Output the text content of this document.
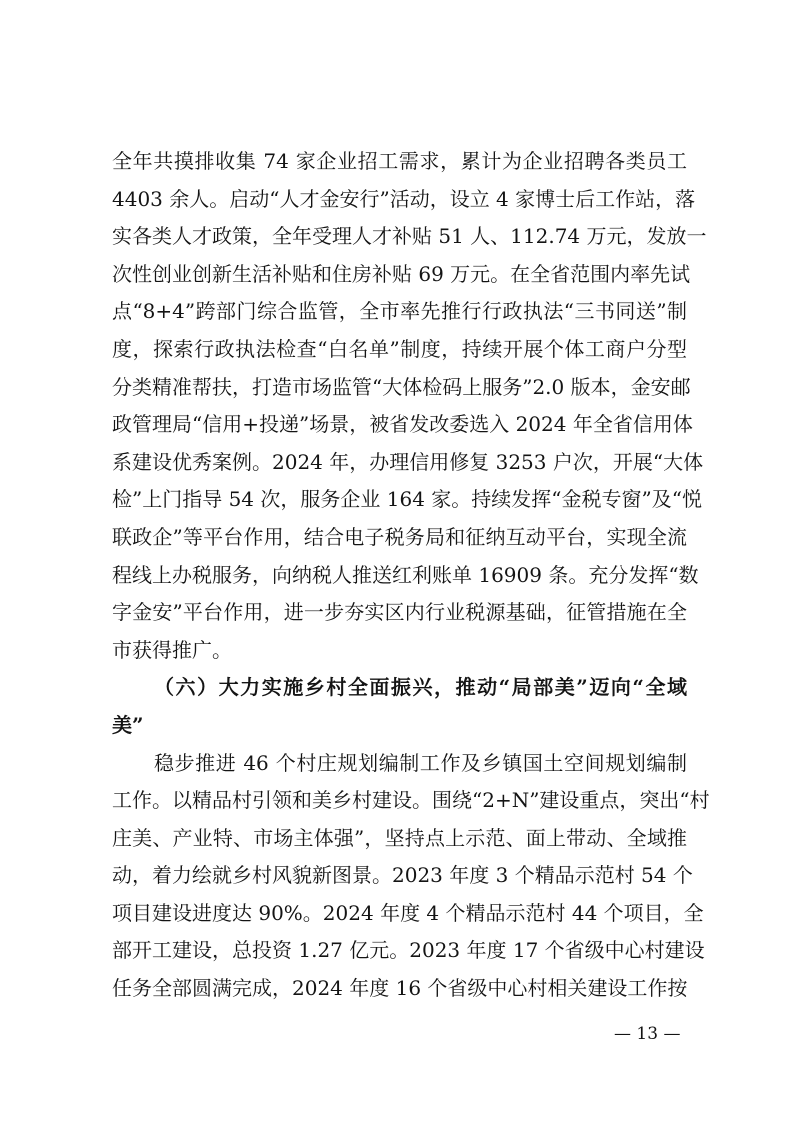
全年共摸排收集 74 家企业招工需求，累计为企业招聘各类员工
4403 余人。启动“人才金安行”活动，设立 4 家博士后工作站，落
实各类人才政策，全年受理人才补贴 51 人、112.74 万元，发放一
次性创业创新生活补贴和住房补贴 69 万元。在全省范围内率先试
点“8+4”跨部门综合监管，全市率先推行行政执法“三书同送”制
度，探索行政执法检查“白名单”制度，持续开展个体工商户分型
分类精准帮扶，打造市场监管“大体检码上服务”2.0 版本，金安邮
政管理局“信用+投递”场景，被省发改委选入 2024 年全省信用体
系建设优秀案例。2024 年，办理信用修复 3253 户次，开展“大体
检”上门指导 54 次，服务企业 164 家。持续发挥“金税专窗”及“悦
联政企”等平台作用，结合电子税务局和征纳互动平台，实现全流
程线上办税服务，向纳税人推送红利账单 16909 条。充分发挥“数
字金安”平台作用，进一步夯实区内行业税源基础，征管措施在全
市获得推广。
（六）大力实施乡村全面振兴，推动“局部美”迈向“全域
美”
稳步推进 46 个村庄规划编制工作及乡镇国土空间规划编制
工作。以精品村引领和美乡村建设。围绕“2+N”建设重点，突出“村
庄美、产业特、市场主体强”，坚持点上示范、面上带动、全域推
动，着力绘就乡村风貌新图景。2023 年度 3 个精品示范村 54 个
项目建设进度达 90%。2024 年度 4 个精品示范村 44 个项目，全
部开工建设，总投资 1.27 亿元。2023 年度 17 个省级中心村建设
任务全部圆满完成，2024 年度 16 个省级中心村相关建设工作按
— 13 —
